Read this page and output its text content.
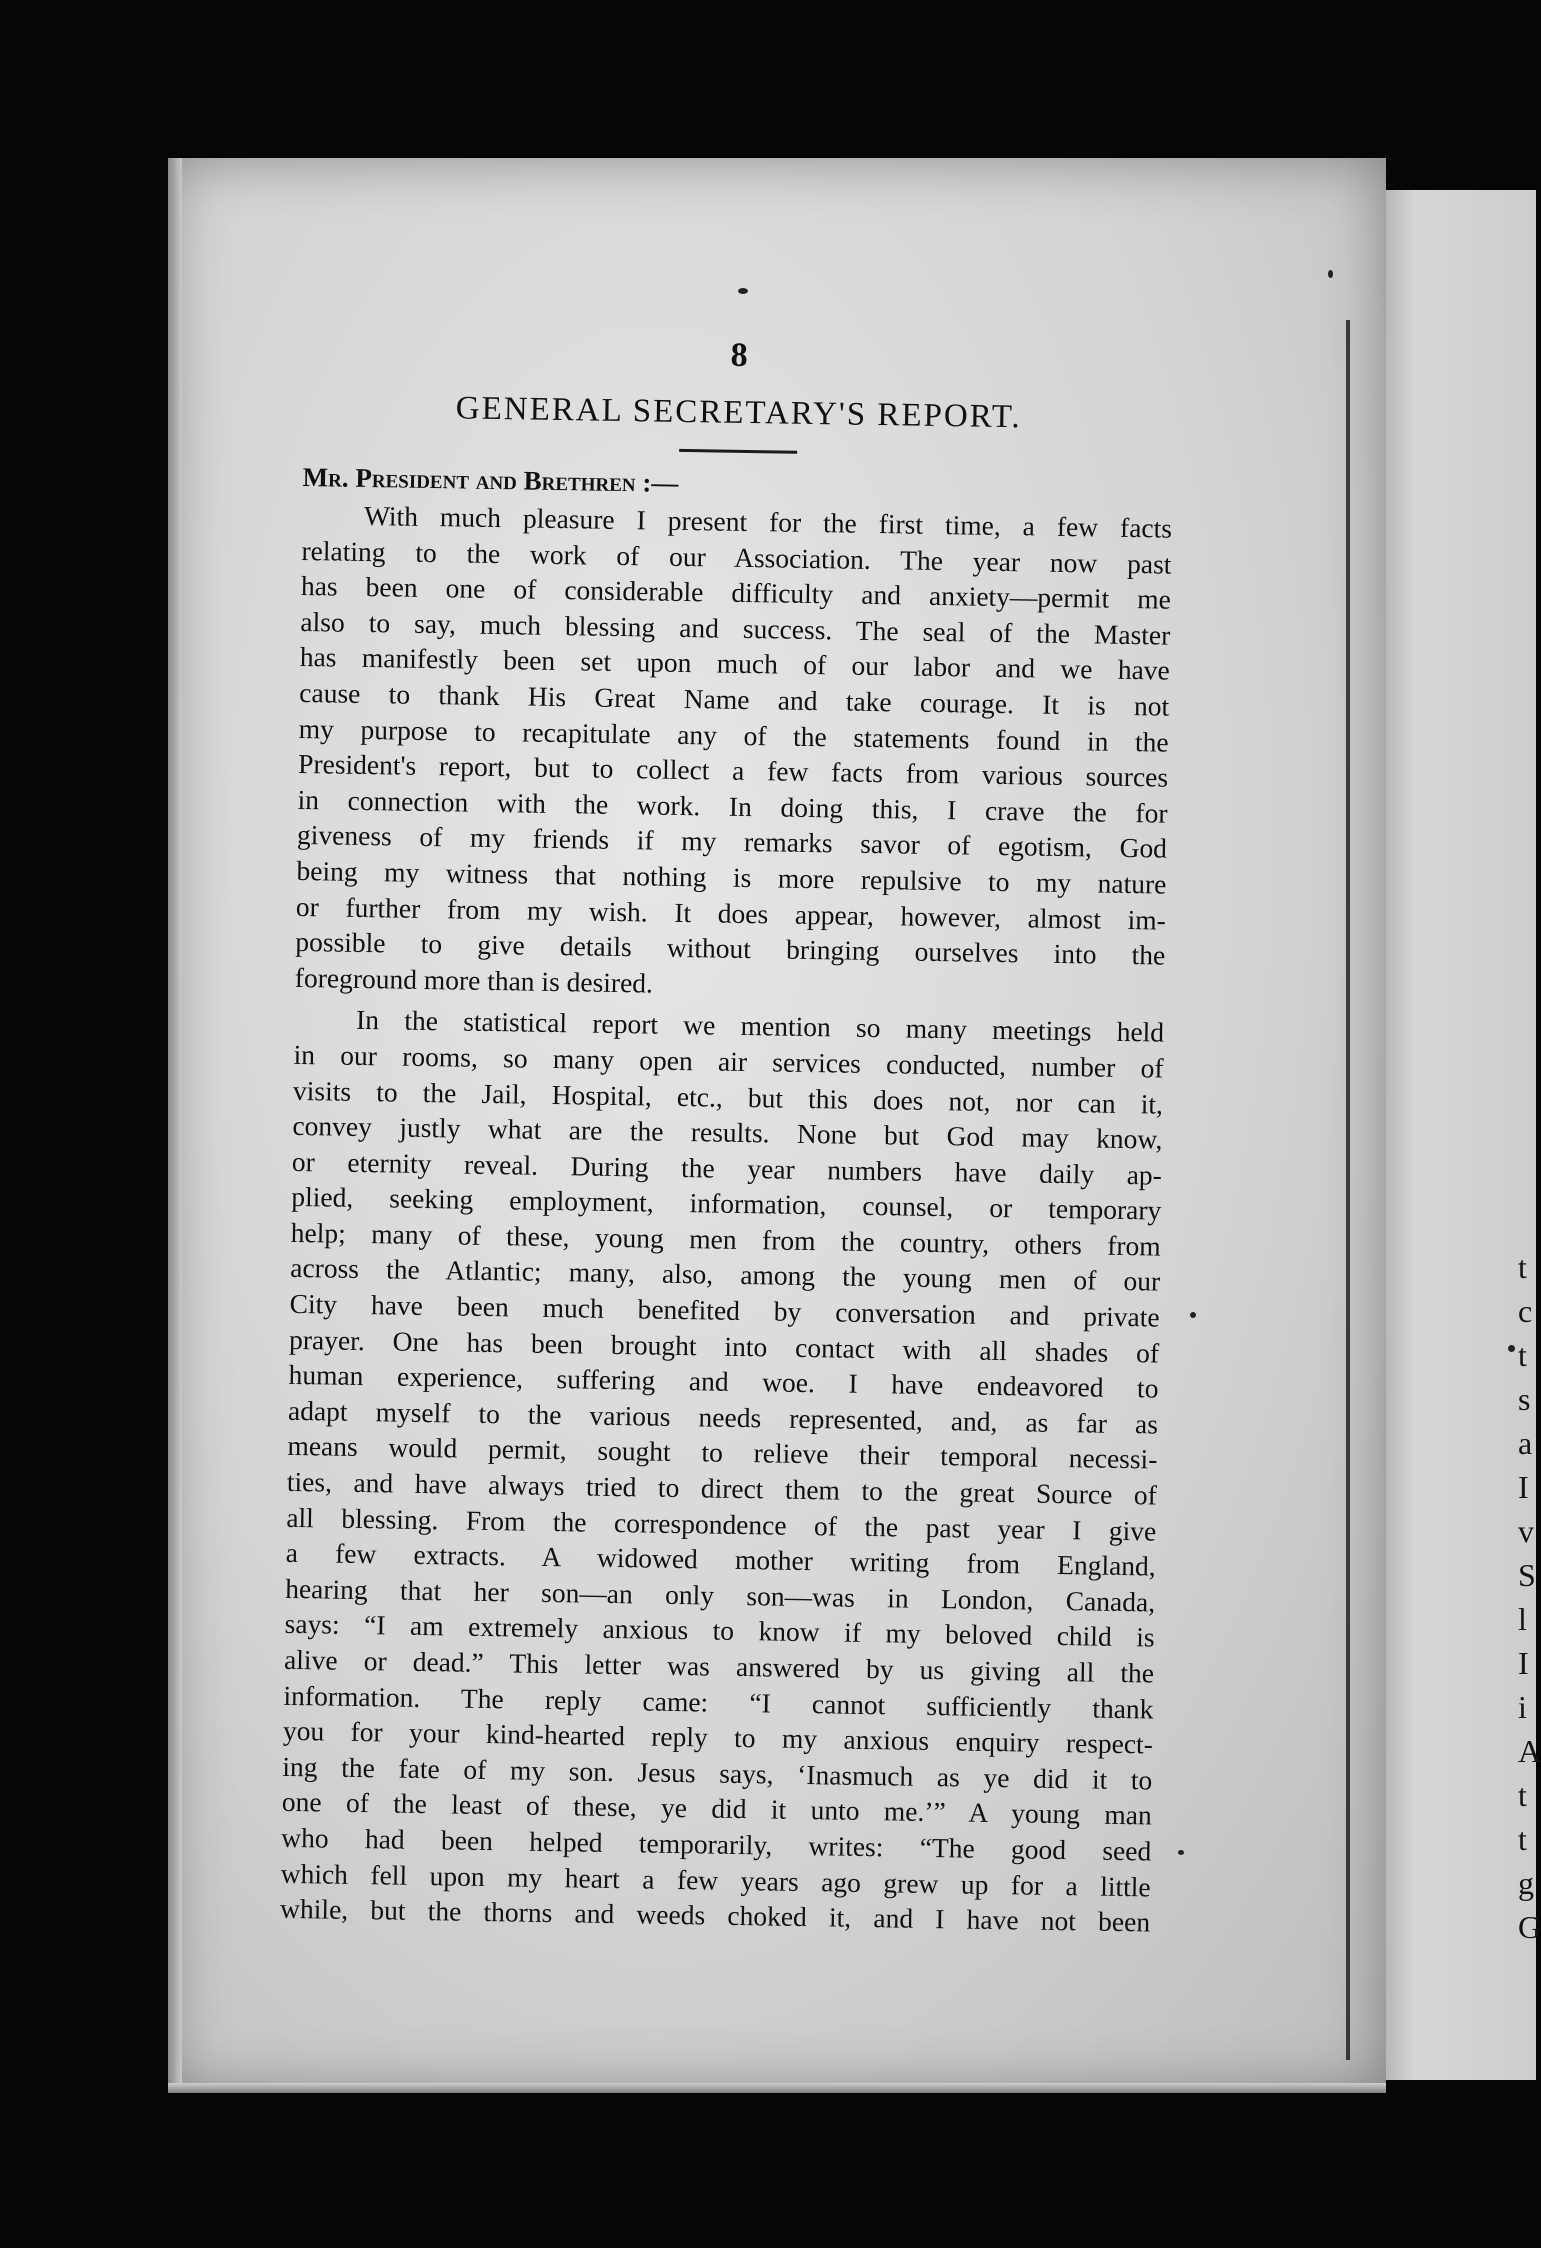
t
c
t
s
a
I
v
S
l
I
i
A
t
t
g
G
8
GENERAL SECRETARY'S REPORT.
Mr. President and Brethren :—
With much pleasure I present for the first time, a few facts
relating to the work of our Association. The year now past
has been one of considerable difficulty and anxiety—permit me
also to say, much blessing and success. The seal of the Master
has manifestly been set upon much of our labor and we have
cause to thank His Great Name and take courage. It is not
my purpose to recapitulate any of the statements found in the
President's report, but to collect a few facts from various sources
in connection with the work. In doing this, I crave the for
giveness of my friends if my remarks savor of egotism, God
being my witness that nothing is more repulsive to my nature
or further from my wish. It does appear, however, almost im-
possible to give details without bringing ourselves into the
foreground more than is desired.
In the statistical report we mention so many meetings held
in our rooms, so many open air services conducted, number of
visits to the Jail, Hospital, etc., but this does not, nor can it,
convey justly what are the results. None but God may know,
or eternity reveal. During the year numbers have daily ap-
plied, seeking employment, information, counsel, or temporary
help; many of these, young men from the country, others from
across the Atlantic; many, also, among the young men of our
City have been much benefited by conversation and private
prayer. One has been brought into contact with all shades of
human experience, suffering and woe. I have endeavored to
adapt myself to the various needs represented, and, as far as
means would permit, sought to relieve their temporal necessi-
ties, and have always tried to direct them to the great Source of
all blessing. From the correspondence of the past year I give
a few extracts. A widowed mother writing from England,
hearing that her son—an only son—was in London, Canada,
says: “I am extremely anxious to know if my beloved child is
alive or dead.” This letter was answered by us giving all the
information. The reply came: “I cannot sufficiently thank
you for your kind-hearted reply to my anxious enquiry respect-
ing the fate of my son. Jesus says, ‘Inasmuch as ye did it to
one of the least of these, ye did it unto me.’” A young man
who had been helped temporarily, writes: “The good seed
which fell upon my heart a few years ago grew up for a little
while, but the thorns and weeds choked it, and I have not been
